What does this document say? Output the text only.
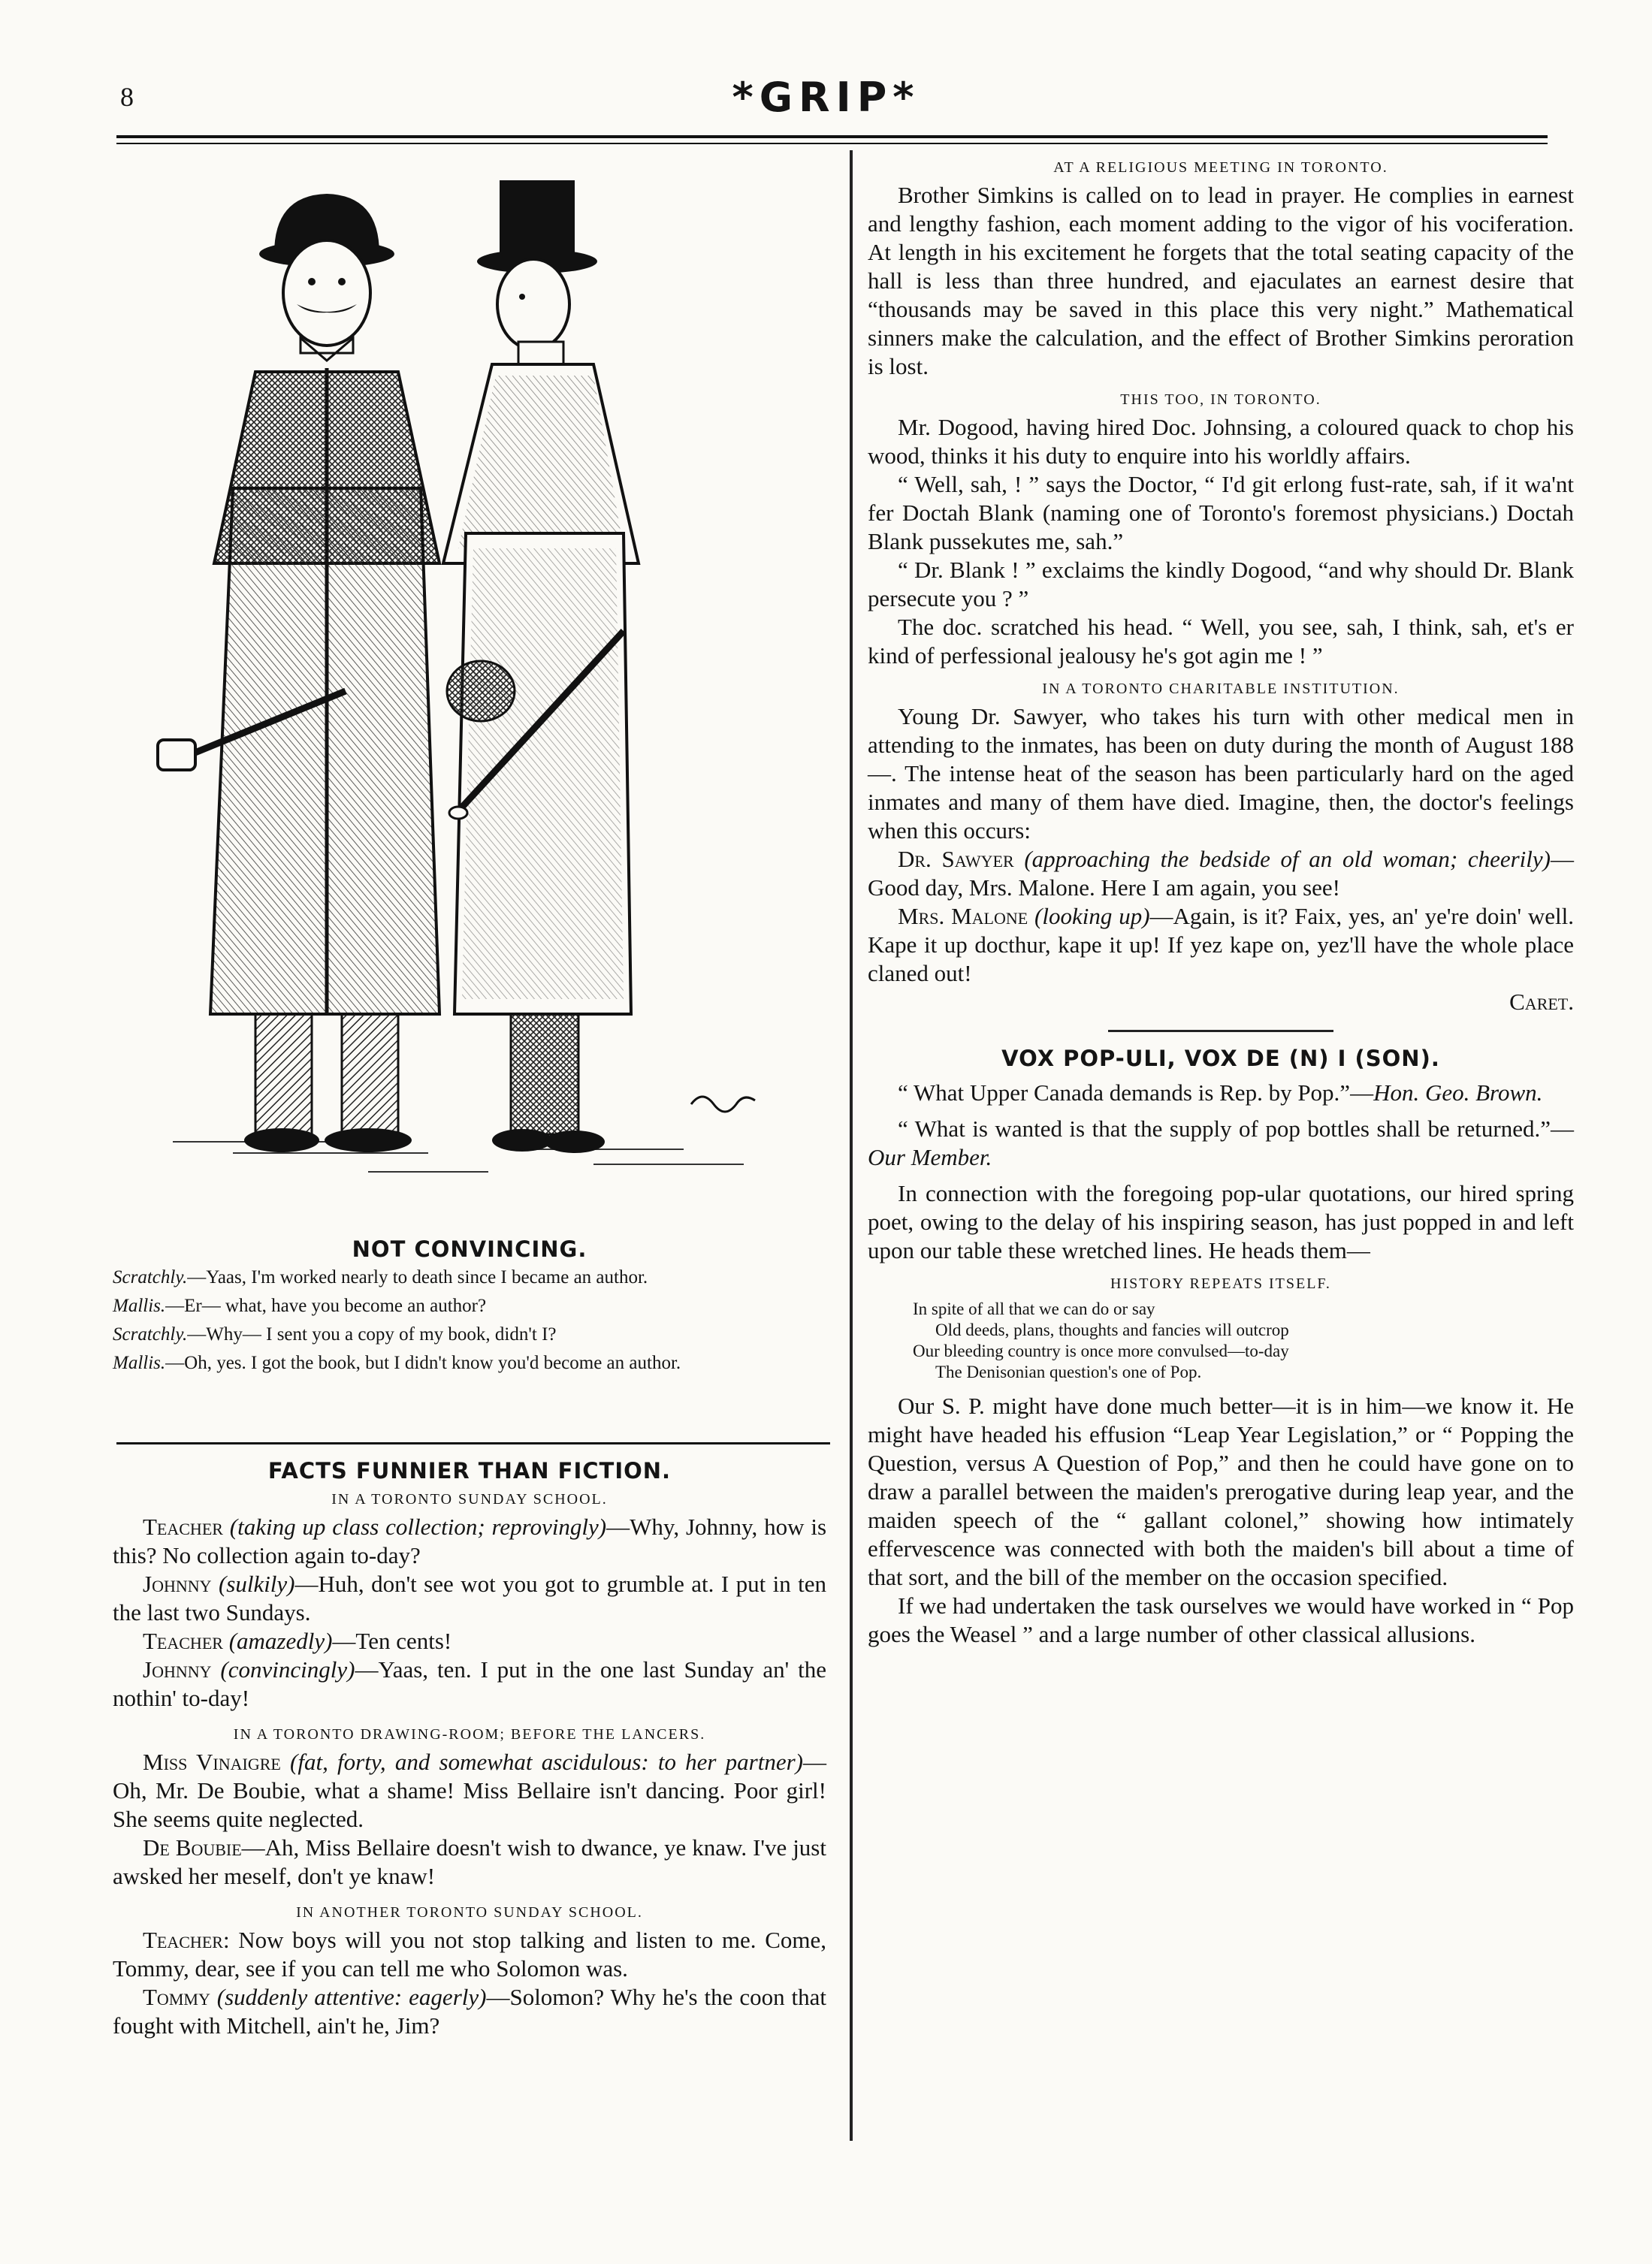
8	*GRIP*
NOT CONVINCING.

Scratchly.—Yaas, I'm worked nearly to death since I became an author.

Mallis.—Er— what, have you become an author?

Scratchly.—Why— I sent you a copy of my book, didn't I?

Mallis.—Oh, yes. I got the book, but I didn't know you'd become an author.

FACTS FUNNIER THAN FICTION.
IN A TORONTO SUNDAY SCHOOL.

Teacher (taking up class collection; reprovingly)—Why, Johnny, how is this? No collection again to-day?

Johnny (sulkily)—Huh, don't see wot you got to grumble at. I put in ten the last two Sundays.

Teacher (amazedly)—Ten cents!

Johnny (convincingly)—Yaas, ten. I put in the one last Sunday an' the nothin' to-day!

IN A TORONTO DRAWING-ROOM; BEFORE THE LANCERS.

Miss Vinaigre (fat, forty, and somewhat ascidulous: to her partner)—Oh, Mr. De Boubie, what a shame! Miss Bellaire isn't dancing. Poor girl! She seems quite neglected.

De Boubie—Ah, Miss Bellaire doesn't wish to dwance, ye knaw. I've just awsked her meself, don't ye knaw!

IN ANOTHER TORONTO SUNDAY SCHOOL.

Teacher: Now boys will you not stop talking and listen to me. Come, Tommy, dear, see if you can tell me who Solomon was.

Tommy (suddenly attentive: eagerly)—Solomon? Why he's the coon that fought with Mitchell, ain't he, Jim?

AT A RELIGIOUS MEETING IN TORONTO.

Brother Simkins is called on to lead in prayer. He complies in earnest and lengthy fashion, each moment adding to the vigor of his vociferation. At length in his excitement he forgets that the total seating capacity of the hall is less than three hundred, and ejaculates an earnest desire that “thousands may be saved in this place this very night.” Mathematical sinners make the calculation, and the effect of Brother Simkins peroration is lost.

THIS TOO, IN TORONTO.

Mr. Dogood, having hired Doc. Johnsing, a coloured quack to chop his wood, thinks it his duty to enquire into his worldly affairs.

“ Well, sah, ! ” says the Doctor, “ I'd git erlong fust-rate, sah, if it wa'nt fer Doctah Blank (naming one of Toronto's foremost physicians.) Doctah Blank pussekutes me, sah.”

“ Dr. Blank ! ” exclaims the kindly Dogood, “and why should Dr. Blank persecute you ? ”

The doc. scratched his head. “ Well, you see, sah, I think, sah, et's er kind of perfessional jealousy he's got agin me ! ”

IN A TORONTO CHARITABLE INSTITUTION.

Young Dr. Sawyer, who takes his turn with other medical men in attending to the inmates, has been on duty during the month of August 188—. The intense heat of the season has been particularly hard on the aged inmates and many of them have died. Imagine, then, the doctor's feelings when this occurs:

Dr. Sawyer (approaching the bedside of an old woman; cheerily)—Good day, Mrs. Malone. Here I am again, you see!

Mrs. Malone (looking up)—Again, is it? Faix, yes, an' ye're doin' well. Kape it up docthur, kape it up! If yez kape on, yez'll have the whole place claned out!

Caret.
VOX POP-ULI, VOX DE (N) I (SON).

“ What Upper Canada demands is Rep. by Pop.”—Hon. Geo. Brown.

“ What is wanted is that the supply of pop bottles shall be returned.”—Our Member.

In connection with the foregoing pop-ular quotations, our hired spring poet, owing to the delay of his inspiring season, has just popped in and left upon our table these wretched lines. He heads them—

HISTORY REPEATS ITSELF.
In spite of all that we can do or say
Old deeds, plans, thoughts and fancies will outcrop
Our bleeding country is once more convulsed—to-day
The Denisonian question's one of Pop.

Our S. P. might have done much better—it is in him—we know it. He might have headed his effusion “Leap Year Legislation,” or “ Popping the Question, versus A Question of Pop,” and then he could have gone on to draw a parallel between the maiden's prerogative during leap year, and the maiden speech of the “ gallant colonel,” showing how intimately effervescence was connected with both the maiden's bill about a time of that sort, and the bill of the member on the occasion specified.

If we had undertaken the task ourselves we would have worked in “ Pop goes the Weasel ” and a large number of other classical allusions.
